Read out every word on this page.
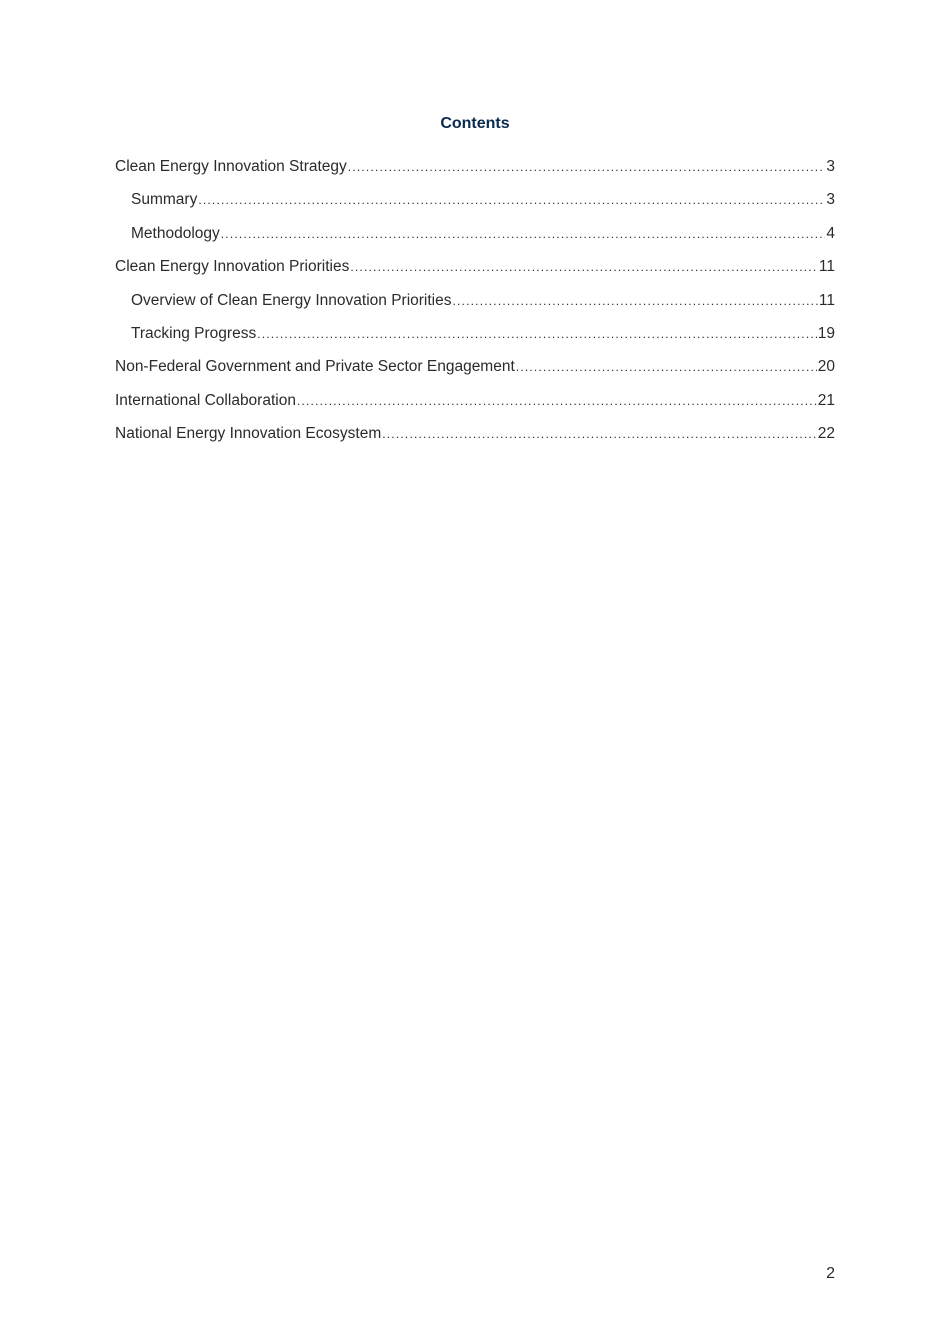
Contents
Clean Energy Innovation Strategy .....	3
Summary .....	3
Methodology .....	4
Clean Energy Innovation Priorities .....	11
Overview of Clean Energy Innovation Priorities .....	11
Tracking Progress .....	19
Non-Federal Government and Private Sector Engagement .....	20
International Collaboration .....	21
National Energy Innovation Ecosystem .....	22
2
